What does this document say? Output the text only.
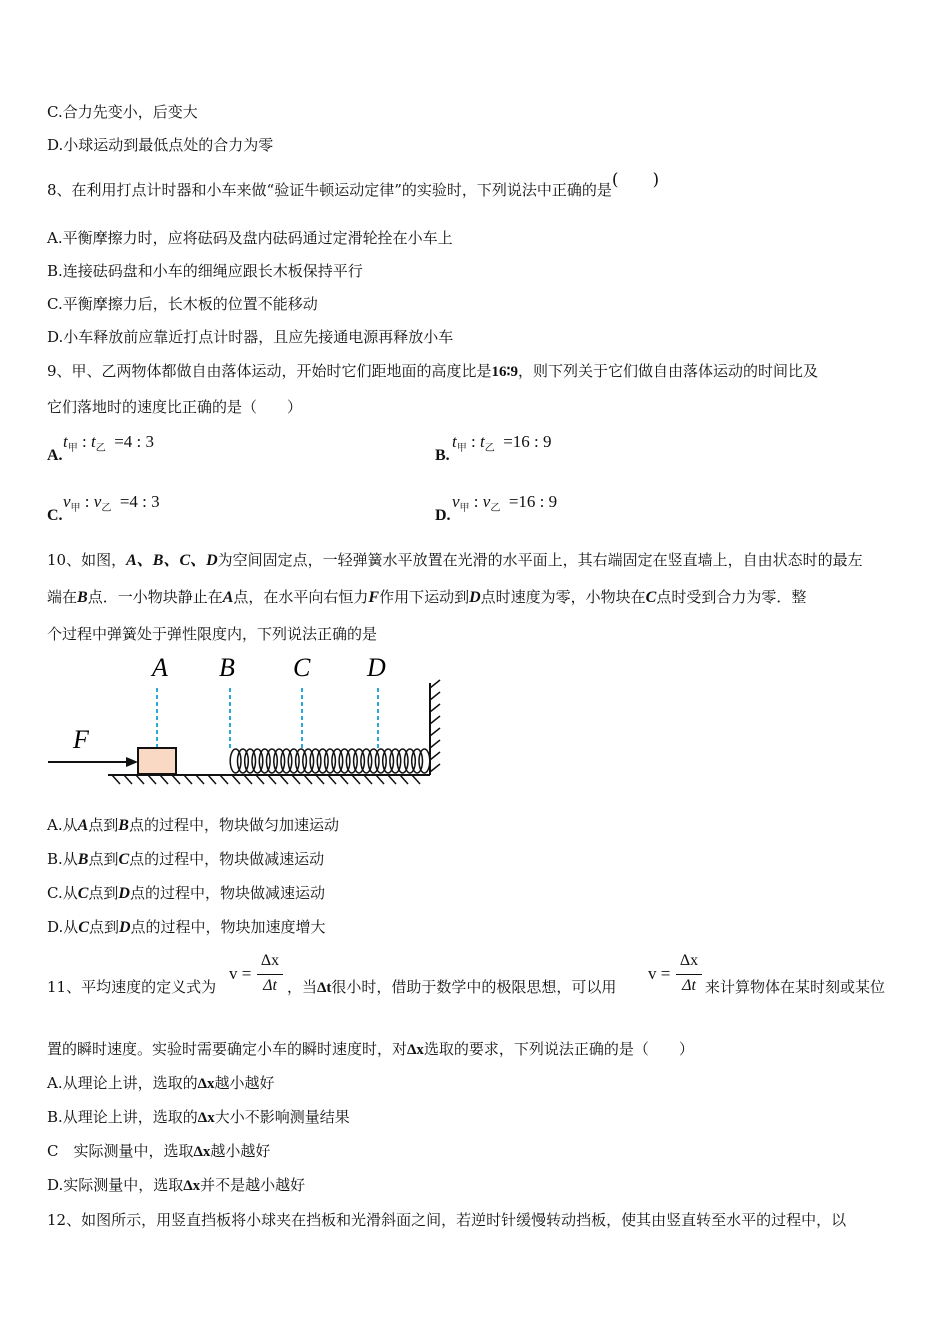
C.合力先变小，后变大
D.小球运动到最低点处的合力为零
8、在利用打点计时器和小车来做“验证牛顿运动定律”的实验时，下列说法中正确的是(　　)
A.平衡摩擦力时，应将砝码及盘内砝码通过定滑轮拴在小车上
B.连接砝码盘和小车的细绳应跟长木板保持平行
C.平衡摩擦力后，长木板的位置不能移动
D.小车释放前应靠近打点计时器，且应先接通电源再释放小车
9、甲、乙两物体都做自由落体运动，开始时它们距地面的高度比是16∶9，则下列关于它们做自由落体运动的时间比及
它们落地时的速度比正确的是（　　）
A.
$t_甲$ : $t_乙 =4$ : 3
B.
$t_甲$ : $t_乙 =16$ : 9
C.
$v_甲$ : $v_乙 =4$ : 3
D.
$v_甲$ : $v_乙 =16$ : 9
10、如图，A、B、C、D为空间固定点，一轻弹簧水平放置在光滑的水平面上，其右端固定在竖直墙上，自由状态时的最左
端在B点．一小物块静止在A点，在水平向右恒力F作用下运动到D点时速度为零，小物块在C点时受到合力为零．整
个过程中弹簧处于弹性限度内，下列说法正确的是
A B C D
F
A.从A点到B点的过程中，物块做匀加速运动
B.从B点到C点的过程中，物块做减速运动
C.从C点到D点的过程中，物块做减速运动
D.从C点到D点的过程中，物块加速度增大
11、平均速度的定义式为
v =
Δx
Δt ，当Δt很小时，借助于数学中的极限思想，可以用
v =
Δx
Δt 来计算物体在某时刻或某位
置的瞬时速度。实验时需要确定小车的瞬时速度时，对Δx选取的要求，下列说法正确的是（　　）
A.从理论上讲，选取的Δx越小越好
B.从理论上讲，选取的Δx大小不影响测量结果
C　实际测量中，选取Δx越小越好
D.实际测量中，选取Δx并不是越小越好
12、如图所示，用竖直挡板将小球夹在挡板和光滑斜面之间，若逆时针缓慢转动挡板，使其由竖直转至水平的过程中，以
